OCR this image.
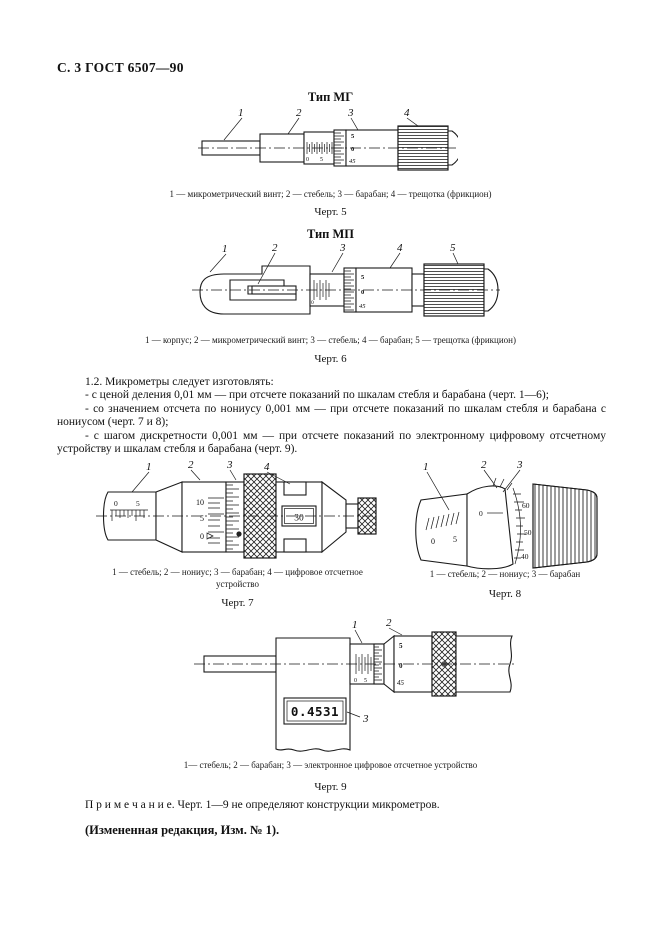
С. 3 ГОСТ 6507—90
Тип МГ
0 5
5
0
45
1	2	3	4
1 — микрометрический винт; 2 — стебель; 3 — барабан; 4 — трещотка (фрикцион)
Черт. 5
Тип МП
0
5
0
45
1	2	3	4	5
1 — корпус; 2 — микрометрический винт; 3 — стебель; 4 — барабан; 5 — трещотка (фрикцион)
Черт. 6
1.2. Микрометры следует изготовлять:
- с ценой деления 0,01 мм — при отсчете показаний по шкалам стебля и барабана (черт. 1—6);
- со значением отсчета по нониусу 0,001 мм — при отсчете показаний по шкалам стебля и барабана с нониусом (черт. 7 и 8);
- с шагом дискретности 0,001 мм — при отсчете показаний по электронному цифровому отсчетному устройству и шкалам стебля и барабана (черт. 9).
0 5	10
5
0
30
1	2	3	4
0 5
0
60
50
40
1	2	3
1 — стебель; 2 — нониус; 3 — барабан; 4 — цифровое отсчетное устройство
1 — стебель; 2 — нониус; 3 — барабан
Черт. 7
Черт. 8
0.4531
0 5
5
0
45
1	2
3
1— стебель; 2 — барабан; 3 — электронное цифровое отсчетное устройство
Черт. 9
П р и м е ч а н и е. Черт. 1—9 не определяют конструкции микрометров.
(Измененная редакция, Изм. № 1).
